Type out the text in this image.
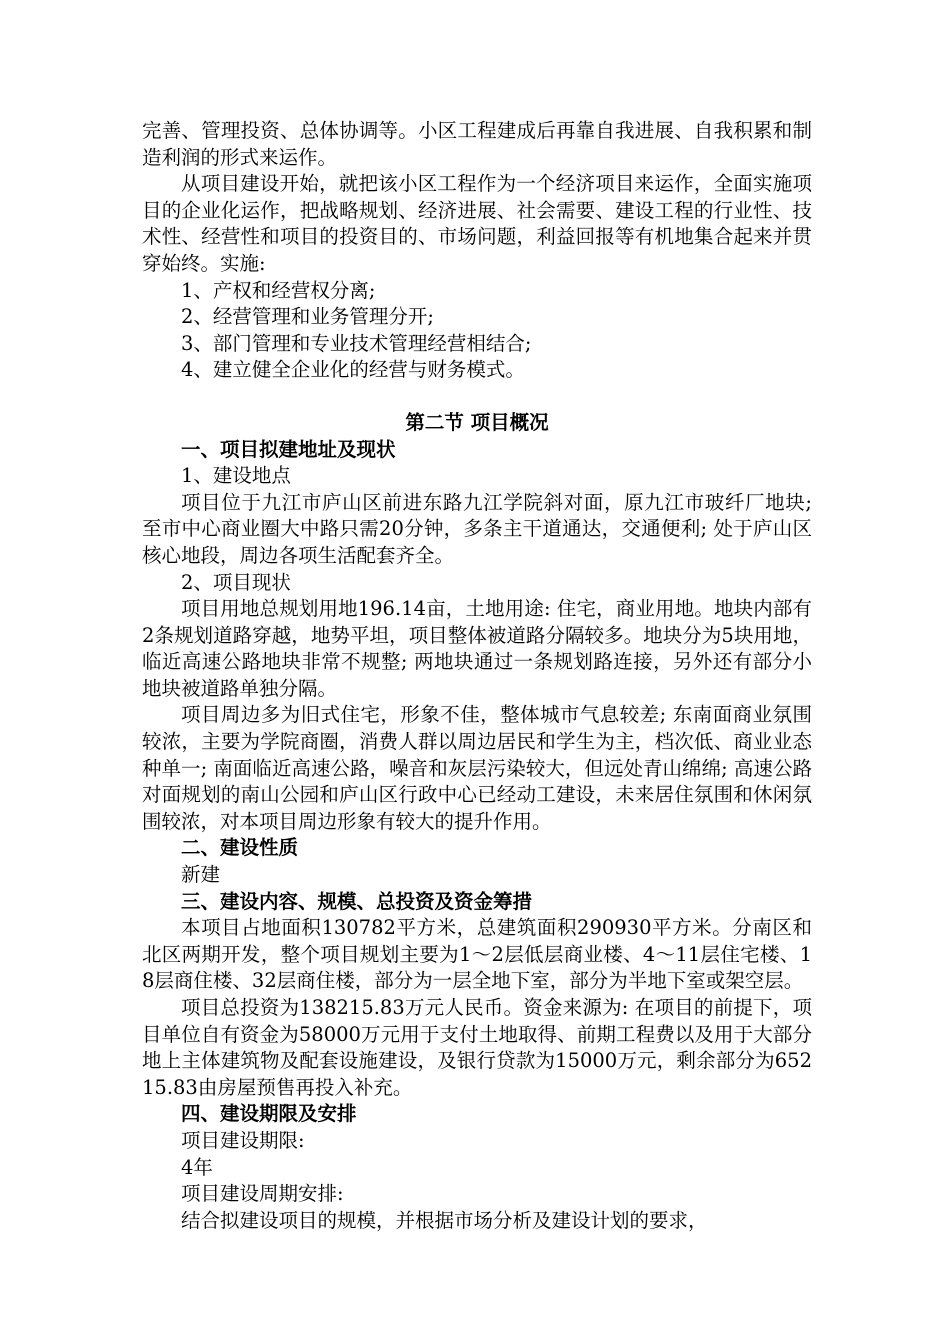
完善、管理投资、总体协调等。小区工程建成后再靠自我进展、自我积累和制造利润的形式来运作。

从项目建设开始，就把该小区工程作为一个经济项目来运作，全面实施项目的企业化运作，把战略规划、经济进展、社会需要、建设工程的行业性、技术性、经营性和项目的投资目的、市场问题，利益回报等有机地集合起来并贯穿始终。实施:

1、产权和经营权分离;

2、经营管理和业务管理分开;

3、部门管理和专业技术管理经营相结合;

4、建立健全企业化的经营与财务模式。

第二节 项目概况

一、项目拟建地址及现状

1、建设地点

项目位于九江市庐山区前进东路九江学院斜对面，原九江市玻纤厂地块; 至市中心商业圈大中路只需20分钟，多条主干道通达，交通便利; 处于庐山区核心地段，周边各项生活配套齐全。

2、项目现状

项目用地总规划用地196.14亩，土地用途: 住宅，商业用地。地块内部有2条规划道路穿越，地势平坦，项目整体被道路分隔较多。地块分为5块用地，临近高速公路地块非常不规整; 两地块通过一条规划路连接，另外还有部分小地块被道路单独分隔。

项目周边多为旧式住宅，形象不佳，整体城市气息较差; 东南面商业氛围较浓，主要为学院商圈，消费人群以周边居民和学生为主，档次低、商业业态种单一; 南面临近高速公路，噪音和灰层污染较大，但远处青山绵绵; 高速公路对面规划的南山公园和庐山区行政中心已经动工建设，未来居住氛围和休闲氛围较浓，对本项目周边形象有较大的提升作用。

二、建设性质

新建

三、建设内容、规模、总投资及资金筹措

本项目占地面积130782平方米，总建筑面积290930平方米。分南区和北区两期开发，整个项目规划主要为1～2层低层商业楼、4～11层住宅楼、18层商住楼、32层商住楼，部分为一层全地下室，部分为半地下室或架空层。

项目总投资为138215.83万元人民币。资金来源为: 在项目的前提下，项目单位自有资金为58000万元用于支付土地取得、前期工程费以及用于大部分地上主体建筑物及配套设施建设，及银行贷款为15000万元，剩余部分为65215.83由房屋预售再投入补充。

四、建设期限及安排

项目建设期限:

4年

项目建设周期安排:

结合拟建设项目的规模，并根据市场分析及建设计划的要求，
